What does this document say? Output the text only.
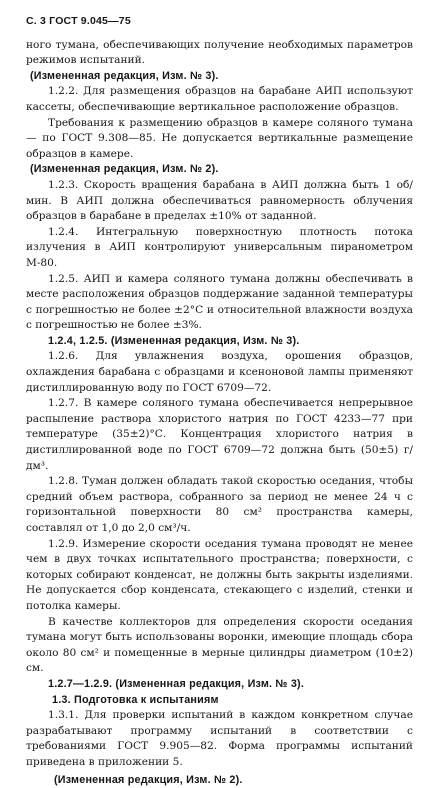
С. 3 ГОСТ 9.045—75

ного тумана, обеспечивающих получение необходимых параметров режимов испытаний.

(Измененная редакция, Изм. № 3).

1.2.2. Для размещения образцов на барабане АИП используют кассеты, обеспечивающие вертикальное расположение образцов.

Требования к размещению образцов в камере соляного тумана — по ГОСТ 9.308—85. Не допускается вертикальные размещение образцов в камере.

(Измененная редакция, Изм. № 2).

1.2.3. Скорость вращения барабана в АИП должна быть 1 об/мин. В АИП должна обеспечиваться равномерность облучения образцов в барабане в пределах ±10% от заданной.

1.2.4. Интегральную поверхностную плотность потока излучения в АИП контролируют универсальным пиранометром М-80.

1.2.5. АИП и камера соляного тумана должны обеспечивать в месте расположения образцов поддержание заданной температуры с погрешностью не более ±2°С и относительной влажности воздуха с погрешностью не более ±3%.

1.2.4, 1.2.5. (Измененная редакция, Изм. № 3).

1.2.6. Для увлажнения воздуха, орошения образцов, охлаждения барабана с образцами и ксеноновой лампы применяют дистиллированную воду по ГОСТ 6709—72.

1.2.7. В камере соляного тумана обеспечивается непрерывное распыление раствора хлористого натрия по ГОСТ 4233—77 при температуре (35±2)°С. Концентрация хлористого натрия в дистиллированной воде по ГОСТ 6709—72 должна быть (50±5) г/дм³.

1.2.8. Туман должен обладать такой скоростью оседания, чтобы средний объем раствора, собранного за период не менее 24 ч с горизонтальной поверхности 80 см² пространства камеры, составлял от 1,0 до 2,0 см³/ч.

1.2.9. Измерение скорости оседания тумана проводят не менее чем в двух точках испытательного пространства; поверхности, с которых собирают конденсат, не должны быть закрыты изделиями. Не допускается сбор конденсата, стекающего с изделий, стенки и потолка камеры.

В качестве коллекторов для определения скорости оседания тумана могут быть использованы воронки, имеющие площадь сбора около 80 см² и помещенные в мерные цилиндры диаметром (10±2) см.

1.2.7—1.2.9. (Измененная редакция, Изм. № 3).

1.3. Подготовка к испытаниям

1.3.1. Для проверки испытаний в каждом конкретном случае разрабатывают программу испытаний в соответствии с требованиями ГОСТ 9.905—82. Форма программы испытаний приведена в приложении 5.

(Измененная редакция, Изм. № 2).
